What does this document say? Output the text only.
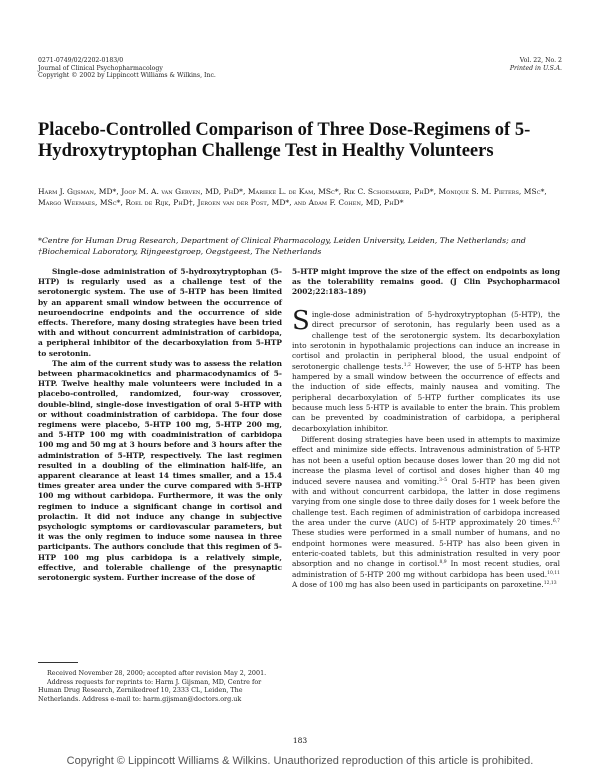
0271-0749/02/2202-0183/0
Journal of Clinical Psychopharmacology
Copyright © 2002 by Lippincott Williams & Wilkins, Inc.
Vol. 22, No. 2
Printed in U.S.A.
Placebo-Controlled Comparison of Three Dose-Regimens of 5-Hydroxytryptophan Challenge Test in Healthy Volunteers
Harm J. Gijsman, MD*, Joop M. A. van Gerven, MD, PhD*, Marieke L. de Kam, MSc*, Rik C. Schoemaker, PhD*, Monique S. M. Pieters, MSc*, Margo Weemaes, MSc*, Roel de Rijk, PhD†, Jeroen van der Post, MD*, and Adam F. Cohen, MD, PhD*
*Centre for Human Drug Research, Department of Clinical Pharmacology, Leiden University, Leiden, The Netherlands; and †Biochemical Laboratory, Rijngeestgroep, Oegstgeest, The Netherlands

Single-dose administration of 5-hydroxytryptophan (5-HTP) is regularly used as a challenge test of the serotonergic system. The use of 5-HTP has been limited by an apparent small window between the occurrence of neuroendocrine endpoints and the occurrence of side effects. Therefore, many dosing strategies have been tried with and without concurrent administration of carbidopa, a peripheral inhibitor of the decarboxylation from 5-HTP to serotonin.

The aim of the current study was to assess the relation between pharmacokinetics and pharmacodynamics of 5-HTP. Twelve healthy male volunteers were included in a placebo-controlled, randomized, four-way crossover, double-blind, single-dose investigation of oral 5-HTP with or without coadministration of carbidopa. The four dose regimens were placebo, 5-HTP 100 mg, 5-HTP 200 mg, and 5-HTP 100 mg with coadministration of carbidopa 100 mg and 50 mg at 3 hours before and 3 hours after the administration of 5-HTP, respectively. The last regimen resulted in a doubling of the elimination half-life, an apparent clearance at least 14 times smaller, and a 15.4 times greater area under the curve compared with 5-HTP 100 mg without carbidopa. Furthermore, it was the only regimen to induce a significant change in cortisol and prolactin. It did not induce any change in subjective psychologic symptoms or cardiovascular parameters, but it was the only regimen to induce some nausea in three participants. The authors conclude that this regimen of 5-HTP 100 mg plus carbidopa is a relatively simple, effective, and tolerable challenge of the presynaptic serotonergic system. Further increase of the dose of

5-HTP might improve the size of the effect on endpoints as long as the tolerability remains good. (J Clin Psychopharmacol 2002;22:183–189)

Single-dose administration of 5-hydroxytryptophan (5-HTP), the direct precursor of serotonin, has regularly been used as a challenge test of the serotonergic system. Its decarboxylation into serotonin in hypothalamic projections can induce an increase in cortisol and prolactin in peripheral blood, the usual endpoint of serotonergic challenge tests.$^{1,2}$ However, the use of 5-HTP has been hampered by a small window between the occurrence of effects and the induction of side effects, mainly nausea and vomiting. The peripheral decarboxylation of 5-HTP further complicates its use because much less 5-HTP is available to enter the brain. This problem can be prevented by coadministration of carbidopa, a peripheral decarboxylation inhibitor.

Different dosing strategies have been used in attempts to maximize effect and minimize side effects. Intravenous administration of 5-HTP has not been a useful option because doses lower than 20 mg did not increase the plasma level of cortisol and doses higher than 40 mg induced severe nausea and vomiting.$^{3-5}$ Oral 5-HTP has been given with and without concurrent carbidopa, the latter in dose regimens varying from one single dose to three daily doses for 1 week before the challenge test. Each regimen of administration of carbidopa increased the area under the curve (AUC) of 5-HTP approximately 20 times.$^{6,7}$ These studies were performed in a small number of humans, and no endpoint hormones were measured. 5-HTP has also been given in enteric-coated tablets, but this administration resulted in very poor absorption and no change in cortisol.$^{8,9}$ In most recent studies, oral administration of 5-HTP 200 mg without carbidopa has been used.$^{10,11}$ A dose of 100 mg has also been used in participants on paroxetine.$^{12,13}$

Received November 28, 2000; accepted after revision May 2, 2001.

Address requests for reprints to: Harm J. Gijsman, MD, Centre for Human Drug Research, Zernikedreef 10, 2333 CL, Leiden, The Netherlands. Address e-mail to: harm.gijsman@doctors.org.uk

183
Copyright © Lippincott Williams & Wilkins. Unauthorized reproduction of this article is prohibited.
